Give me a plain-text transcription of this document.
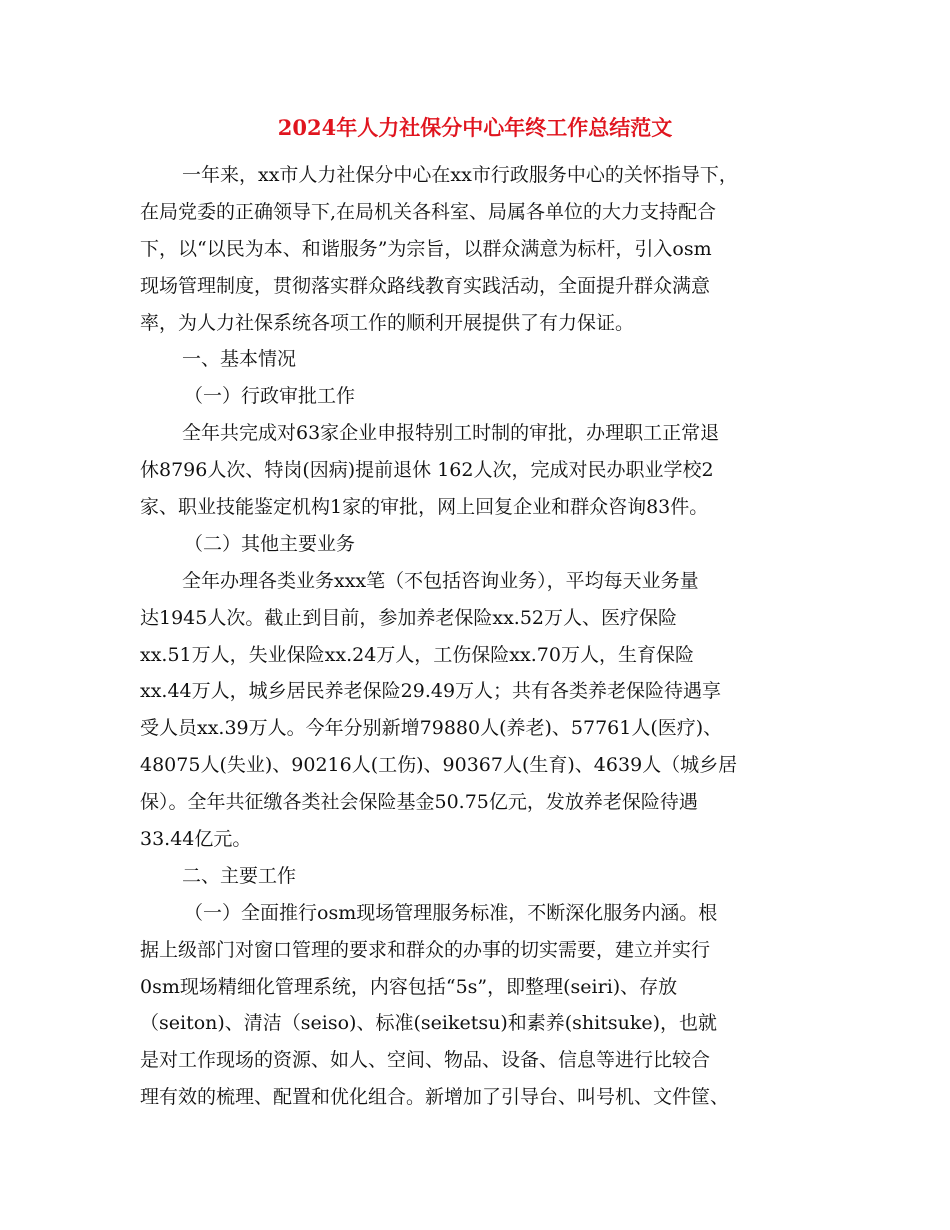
2024年人力社保分中心年终工作总结范文

一年来，xx市人力社保分中心在xx市行政服务中心的关怀指导下，
在局党委的正确领导下,在局机关各科室、局属各单位的大力支持配合
下，以“以民为本、和谐服务”为宗旨，以群众满意为标杆，引入osm
现场管理制度，贯彻落实群众路线教育实践活动，全面提升群众满意
率，为人力社保系统各项工作的顺利开展提供了有力保证。

一、基本情况

（一）行政审批工作

全年共完成对63家企业申报特别工时制的审批，办理职工正常退
休8796人次、特岗(因病)提前退休 162人次，完成对民办职业学校2
家、职业技能鉴定机构1家的审批，网上回复企业和群众咨询83件。

（二）其他主要业务

全年办理各类业务xxx笔（不包括咨询业务），平均每天业务量
达1945人次。截止到目前，参加养老保险xx.52万人、医疗保险
xx.51万人，失业保险xx.24万人，工伤保险xx.70万人，生育保险
xx.44万人，城乡居民养老保险29.49万人；共有各类养老保险待遇享
受人员xx.39万人。今年分别新增79880人(养老)、57761人(医疗)、
48075人(失业)、90216人(工伤)、90367人(生育)、4639人（城乡居
保）。全年共征缴各类社会保险基金50.75亿元，发放养老保险待遇
33.44亿元。

二、主要工作

（一）全面推行osm现场管理服务标准，不断深化服务内涵。根
据上级部门对窗口管理的要求和群众的办事的切实需要，建立并实行
0sm现场精细化管理系统，内容包括“5s”，即整理(seiri)、存放
（seiton)、清洁（seiso)、标准(seiketsu)和素养(shitsuke)，也就
是对工作现场的资源、如人、空间、物品、设备、信息等进行比较合
理有效的梳理、配置和优化组合。新增加了引导台、叫号机、文件筐、
